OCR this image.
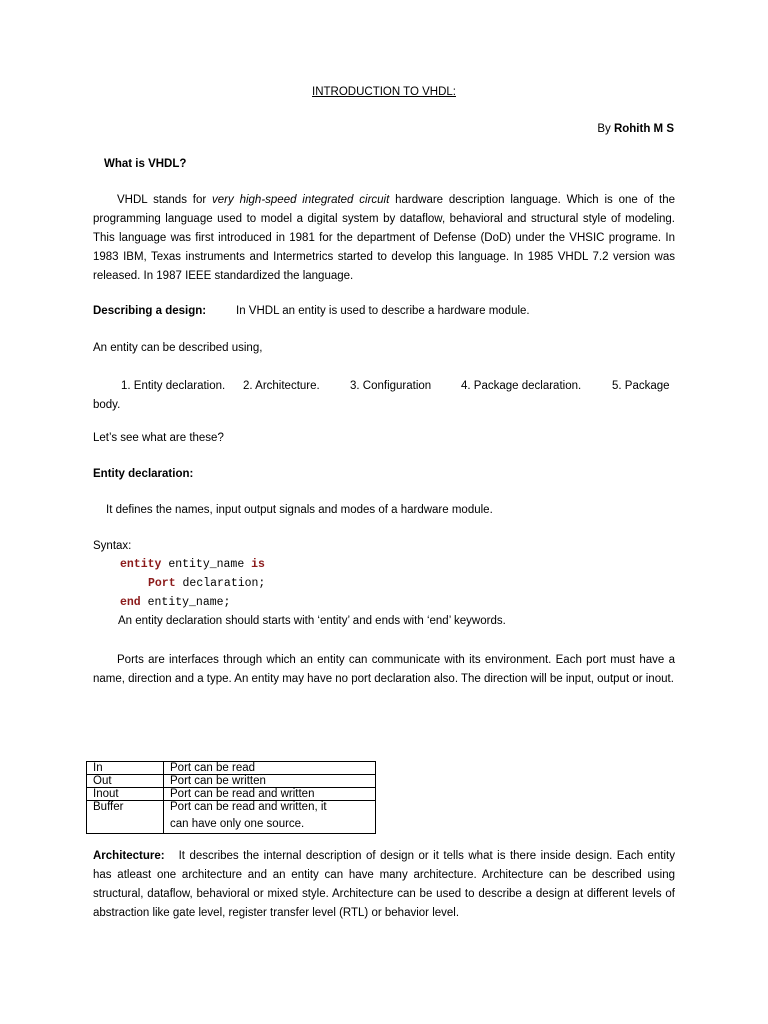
INTRODUCTION TO VHDL:
By Rohith M S
What is VHDL?
VHDL stands for very high-speed integrated circuit hardware description language. Which is one of the programming language used to model a digital system by dataflow, behavioral and structural style of modeling. This language was first introduced in 1981 for the department of Defense (DoD) under the VHSIC programe. In 1983 IBM, Texas instruments and Intermetrics started to develop this language. In 1985 VHDL 7.2 version was released. In 1987 IEEE standardized the language.
Describing a design:	In VHDL an entity is used to describe a hardware module.
An entity can be described using,
1. Entity declaration. 2. Architecture.	3. Configuration	4. Package declaration.	5. Package
body.
Let’s see what are these?
Entity declaration:
It defines the names, input output signals and modes of a hardware module.
Syntax:
entity entity_name is
Port declaration;
end entity_name;
An entity declaration should starts with ‘entity’ and ends with ‘end’ keywords.
Ports are interfaces through which an entity can communicate with its environment. Each port must have a name, direction and a type. An entity may have no port declaration also. The direction will be input, output or inout.
In	Port can be read
Out	Port can be written
Inout	Port can be read and written
Buffer	Port can be read and written, it
can have only one source.
Architecture: It describes the internal description of design or it tells what is there inside design. Each entity has atleast one architecture and an entity can have many architecture. Architecture can be described using structural, dataflow, behavioral or mixed style. Architecture can be used to describe a design at different levels of abstraction like gate level, register transfer level (RTL) or behavior level.
